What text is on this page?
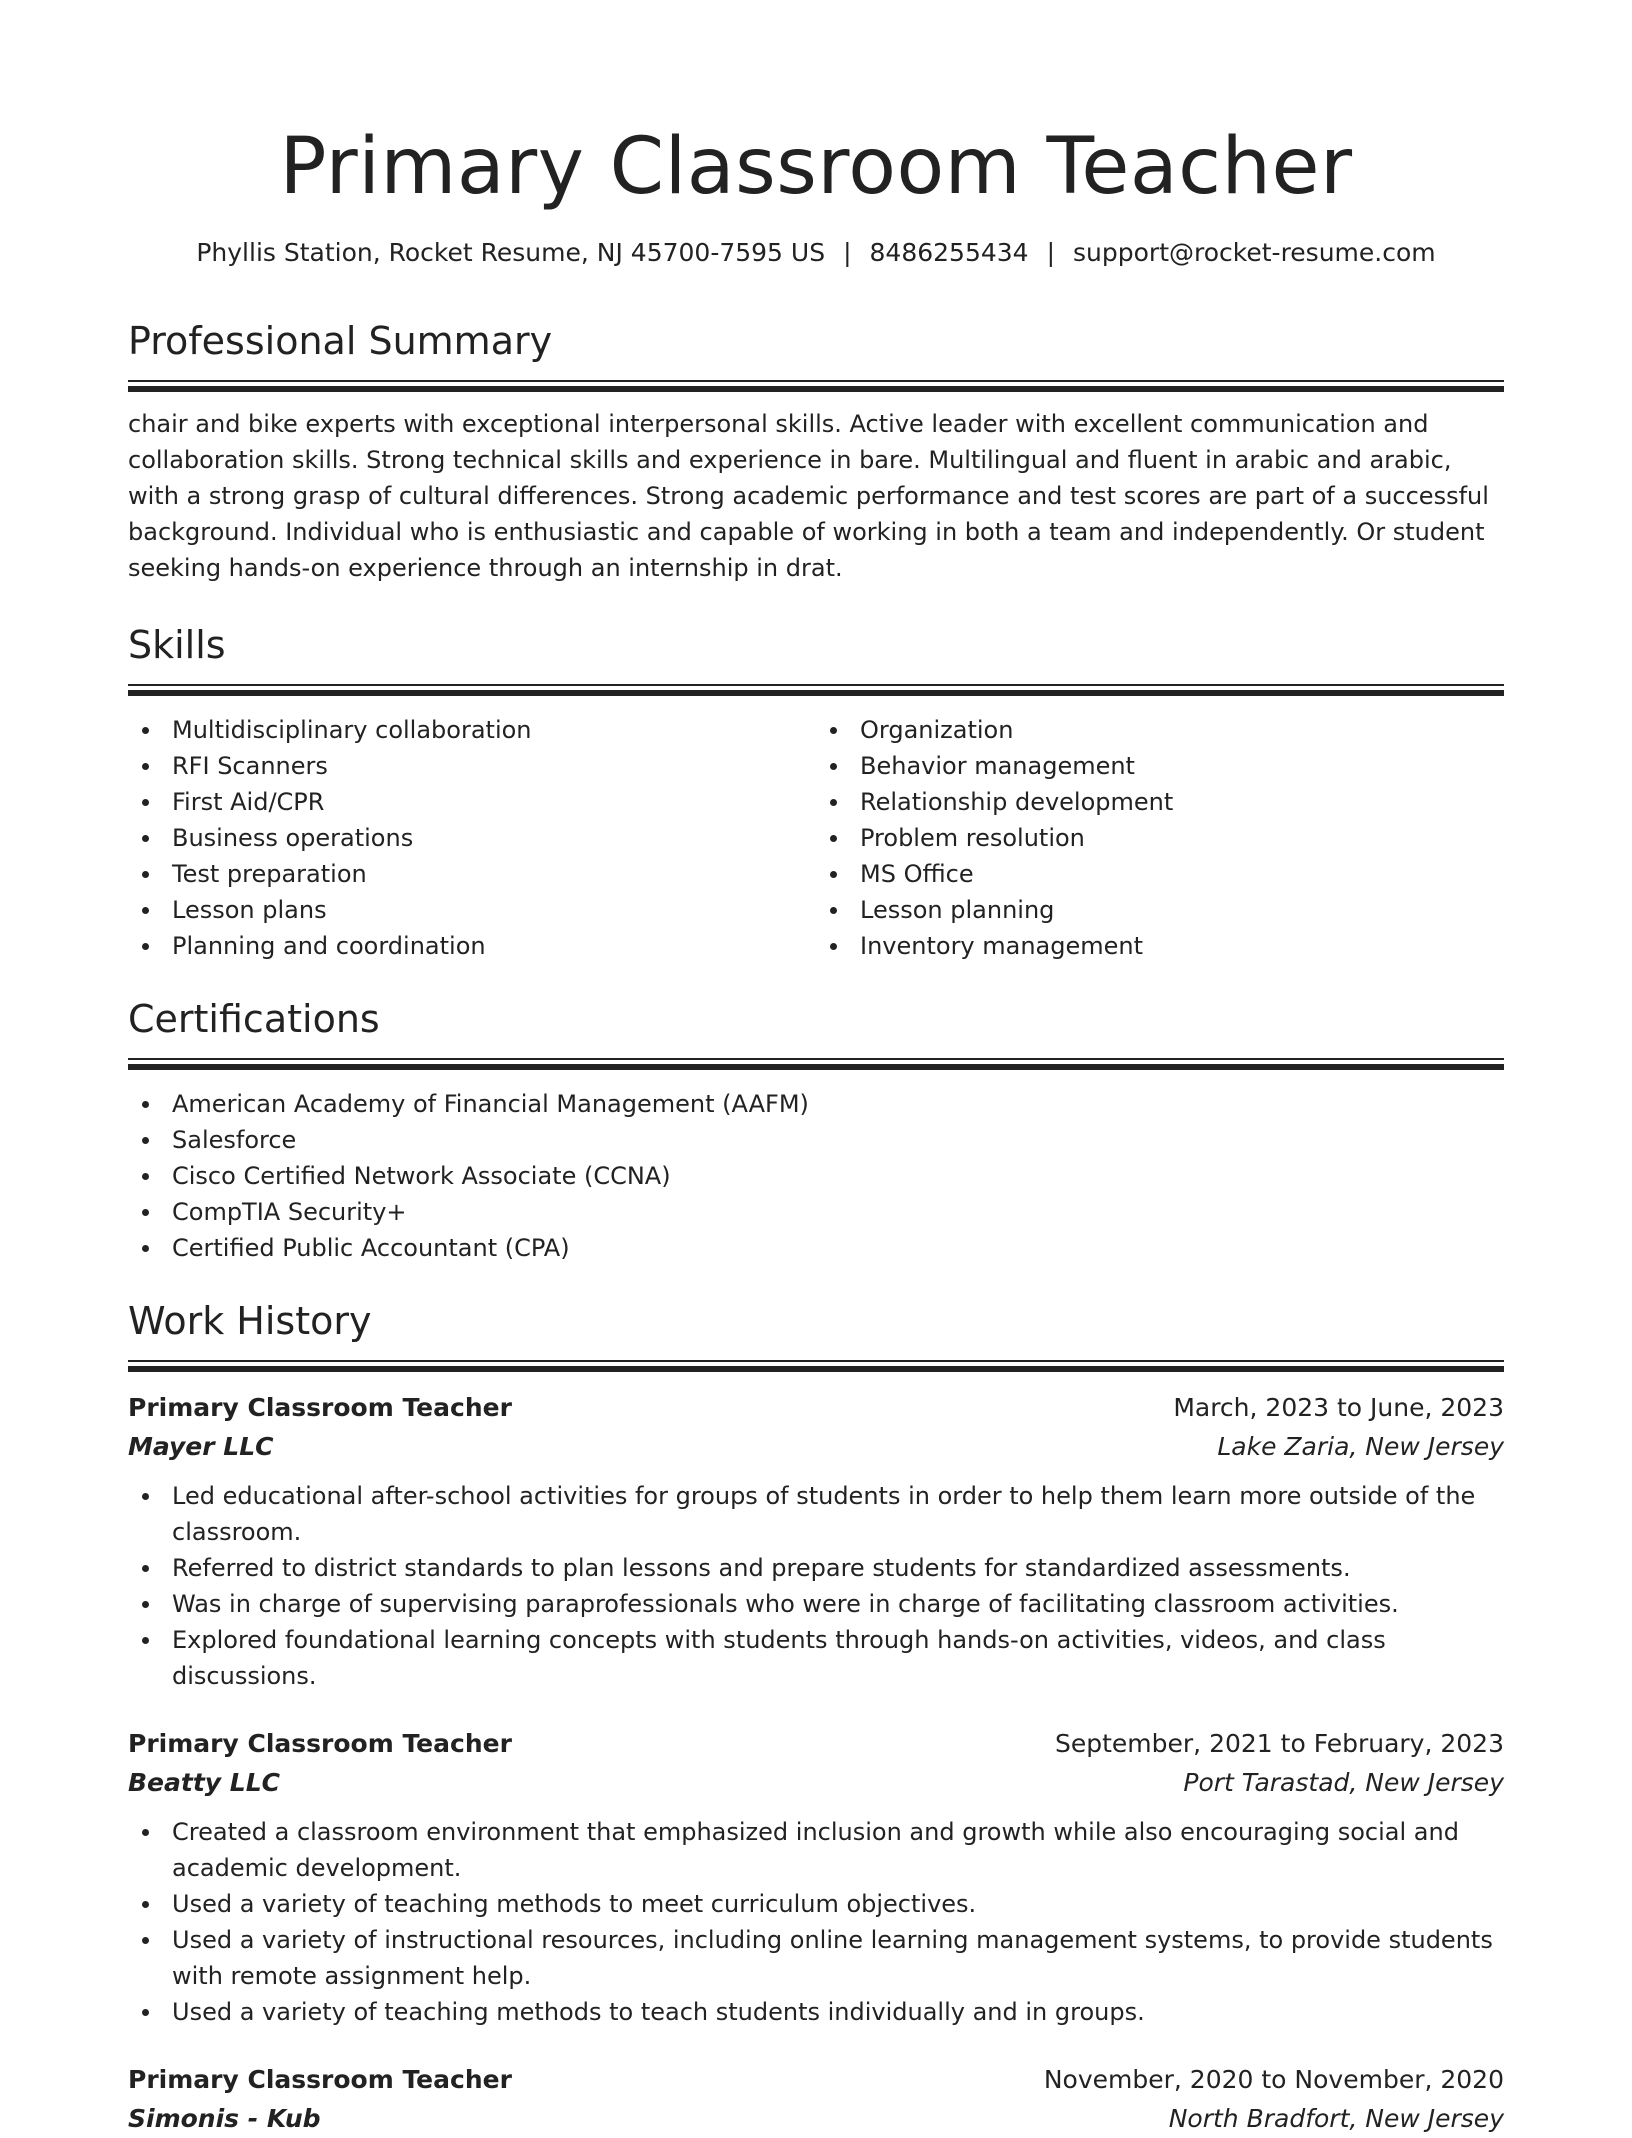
Primary Classroom Teacher
Phyllis Station, Rocket Resume, NJ 45700-7595 US | 8486255434 | support@rocket-resume.com
Professional Summary
chair and bike experts with exceptional interpersonal skills. Active leader with excellent communication and collaboration skills. Strong technical skills and experience in bare. Multilingual and fluent in arabic and arabic, with a strong grasp of cultural differences. Strong academic performance and test scores are part of a successful background. Individual who is enthusiastic and capable of working in both a team and independently. Or student seeking hands-on experience through an internship in drat.
Skills
Multidisciplinary collaboration
RFI Scanners
First Aid/CPR
Business operations
Test preparation
Lesson plans
Planning and coordination
Organization
Behavior management
Relationship development
Problem resolution
MS Office
Lesson planning
Inventory management
Certifications
American Academy of Financial Management (AAFM)
Salesforce
Cisco Certified Network Associate (CCNA)
CompTIA Security+
Certified Public Accountant (CPA)
Work History
Primary Classroom Teacher	March, 2023 to June, 2023
Mayer LLC	Lake Zaria, New Jersey
Led educational after-school activities for groups of students in order to help them learn more outside of the classroom.
Referred to district standards to plan lessons and prepare students for standardized assessments.
Was in charge of supervising paraprofessionals who were in charge of facilitating classroom activities.
Explored foundational learning concepts with students through hands-on activities, videos, and class discussions.
Primary Classroom Teacher	September, 2021 to February, 2023
Beatty LLC	Port Tarastad, New Jersey
Created a classroom environment that emphasized inclusion and growth while also encouraging social and academic development.
Used a variety of teaching methods to meet curriculum objectives.
Used a variety of instructional resources, including online learning management systems, to provide students with remote assignment help.
Used a variety of teaching methods to teach students individually and in groups.
Primary Classroom Teacher	November, 2020 to November, 2020
Simonis - Kub	North Bradfort, New Jersey
